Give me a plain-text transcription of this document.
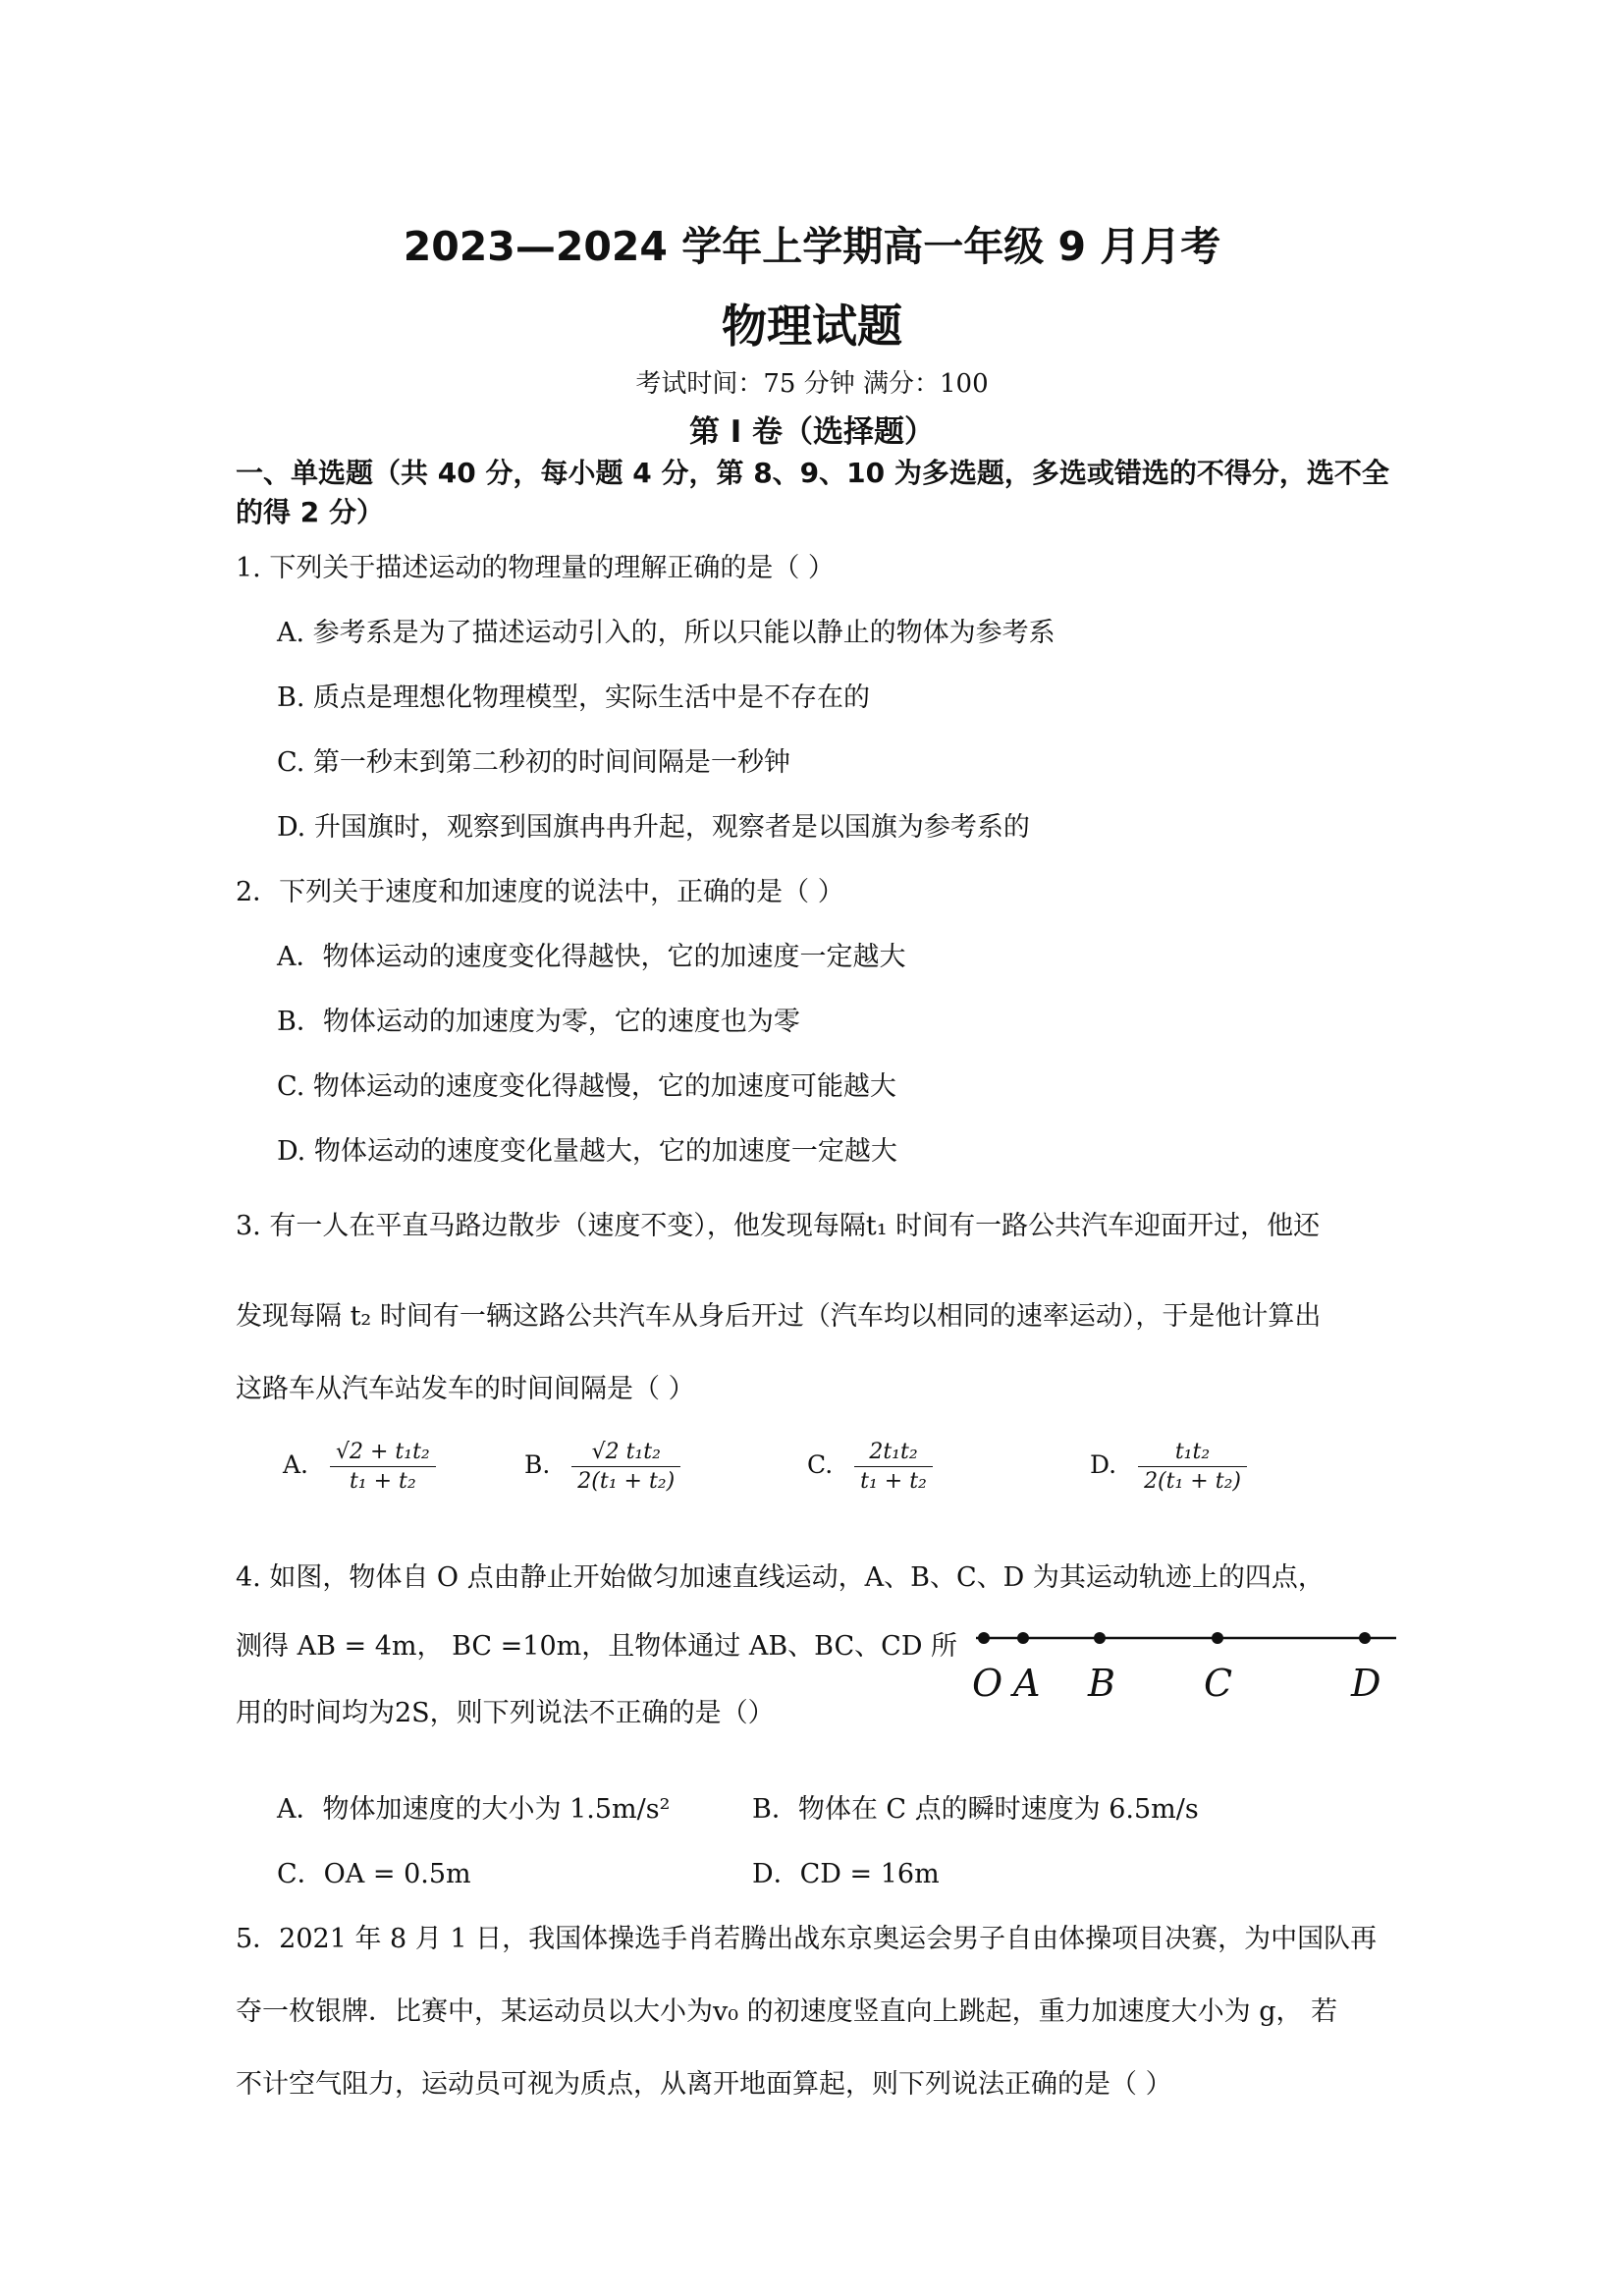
2023—2024 学年上学期高一年级 9 月月考
物理试题
考试时间：75 分钟 满分：100
第 I 卷（选择题）
一、单选题（共 40 分，每小题 4 分，第 8、9、10 为多选题，多选或错选的不得分，选不全
的得 2 分）
1. 下列关于描述运动的物理量的理解正确的是（ ）
A. 参考系是为了描述运动引入的，所以只能以静止的物体为参考系
B. 质点是理想化物理模型，实际生活中是不存在的
C. 第一秒末到第二秒初的时间间隔是一秒钟
D. 升国旗时，观察到国旗冉冉升起，观察者是以国旗为参考系的
2．下列关于速度和加速度的说法中，正确的是（ ）
A．物体运动的速度变化得越快，它的加速度一定越大
B．物体运动的加速度为零，它的速度也为零
C. 物体运动的速度变化得越慢，它的加速度可能越大
D. 物体运动的速度变化量越大，它的加速度一定越大
3. 有一人在平直马路边散步（速度不变），他发现每隔t₁ 时间有一路公共汽车迎面开过，他还
发现每隔 t₂ 时间有一辆这路公共汽车从身后开过（汽车均以相同的速率运动），于是他计算出
这路车从汽车站发车的时间间隔是（ ）
A. $\frac{\text{√2 + t₁t₂}}{\text{t₁ + t₂}}$	B. $\frac{\text{√2 t₁t₂}}{\text{2(t₁ + t₂)}}$	C. $\frac{\text{2t₁t₂}}{\text{t₁ + t₂}}$	D. $\frac{\text{t₁t₂}}{\text{2(t₁ + t₂)}}$
4. 如图，物体自 O 点由静止开始做匀加速直线运动，A、B、C、D 为其运动轨迹上的四点，
测得 AB = 4m， BC =10m，且物体通过 AB、BC、CD 所
用的时间均为2S，则下列说法不正确的是（）
O A B C	D
A．物体加速度的大小为 1.5m/s²	B．物体在 C 点的瞬时速度为 6.5m/s
C．OA = 0.5m	D．CD = 16m
5．2021 年 8 月 1 日，我国体操选手肖若腾出战东京奥运会男子自由体操项目决赛，为中国队再
夺一枚银牌．比赛中，某运动员以大小为v₀ 的初速度竖直向上跳起，重力加速度大小为 g， 若
不计空气阻力，运动员可视为质点，从离开地面算起，则下列说法正确的是（ ）
